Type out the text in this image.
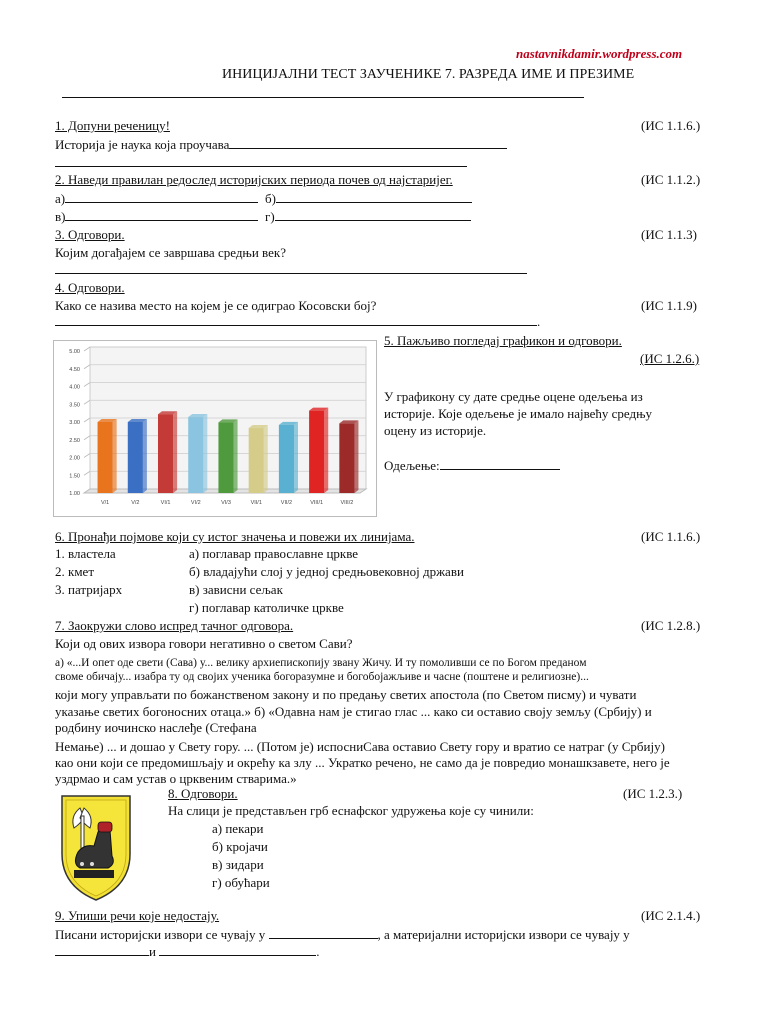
nastavnikdamir.wordpress.com
ИНИЦИЈАЛНИ ТЕСТ ЗАУЧЕНИКЕ 7. РАЗРЕДА ИМЕ И ПРЕЗИМЕ
1. Допуни реченицу!	(ИС 1.1.6.)
Историја је наука која проучава
2. Наведи правилан редослед историјских периода почев од најстаријег.	(ИС 1.1.2.)
а)	б)
в)	г)
3. Одговори.	(ИС 1.1.3)
Којим догађајем се завршава средњи век?
4. Одговори.
Како се назива место на којем је се одиграо Косовски бој?	(ИС 1.1.9)
.
1.00
1.50
2.00
2.50
3.00
3.50
4.00
4.50
5.00
V/1	V/2	VI/1	VI/2	VI/3	VII/1	VII/2	VIII/1	VIII/2
5. Пажљиво погледај графикон и одговори.
(ИС 1.2.6.)
У графикону су дате средње оцене одељења из
историје. Које одељење је имало највећу средњу
оцену из историје.
Одељење:
6. Пронађи појмове који су истог значења и повежи их линијама.	(ИС 1.1.6.)
1. властела
2. кмет
3. патријарх
а) поглавар православне цркве
б) владајући слој у једној средњовековној држави
в) зависни сељак
г) поглавар католичке цркве
7. Заокружи слово испред тачног одговора.	(ИС 1.2.8.)
Који од ових извора говори негативно о светом Сави?
а) «...И опет оде свети (Сава) у... велику архиепископију звану Жичу. И ту помоливши се по Богом преданом
своме обичају... изабра ту од својих ученика богоразумне и богобојажљиве и часне (поштене и религиозне)...
који могу управљати по божанственом закону и по предању светих апостола (по Светом писму) и чувати
указање светих богоносних отаца.» б) «Одавна нам је стигао глас ... како си оставио своју земљу (Србију) и
родбину иочинско наслеђе (Стефана
Немање) ... и дошао у Свету гору. ... (Потом је) испосниСава оставио Свету гору и вратио се натраг (у Србију)
као они који се предомишљају и окрећу ка злу ... Укратко речено, не само да је повредио монашкзавете, него је
уздрмао и сам устав о црквеним стварима.»
8. Одговори.	(ИС 1.2.3.)
На слици је представљен грб еснафског удружења које су чинили:
а) пекари
б) кројачи
в) зидари
г) обућари
9. Упиши речи које недостају.	(ИС 2.1.4.)
Писани историјски извори се чувају у	, а материјални историјски извори се чувају у
и	.
